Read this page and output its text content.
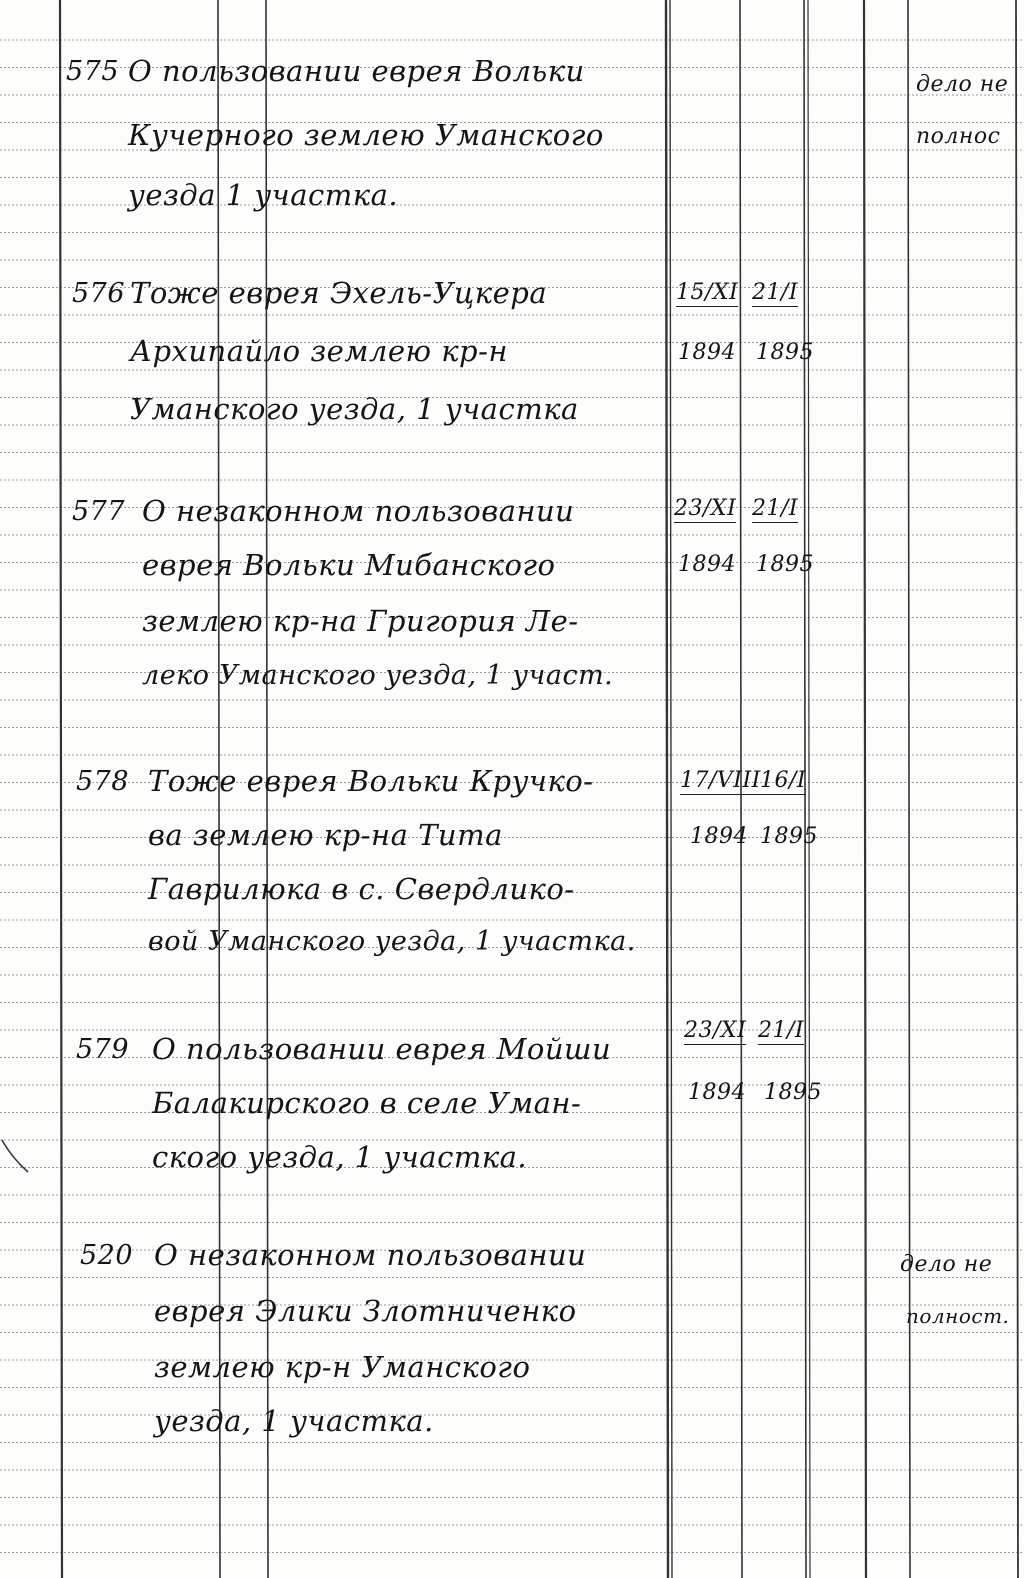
575 О пользовании еврея Вольки
Кучерного землею Уманского
уезда 1 участка.
дело не
полнос
576 Тоже еврея Эхель-Уцкера
Архипайло землею кр-н
Уманского уезда, 1 участка
15/XI
1894
21/I
1895
577 О незаконном пользовании
еврея Вольки Мибанского
землею кр-на Григория Ле-
леко Уманского уезда, 1 участ.
23/XI
1894
21/I
1895
578 Тоже еврея Вольки Кручко-
ва землею кр-на Тита
Гаврилюка в с. Свердлико-
вой Уманского уезда, 1 участка.
17/VIII
1894
16/I
1895
579 О пользовании еврея Мойши
Балакирского в селе Уман-
ского уезда, 1 участка.
23/XI
1894
21/I
1895
520 О незаконном пользовании
еврея Элики Злотниченко
землею кр-н Уманского
уезда, 1 участка.
дело не
полност.
